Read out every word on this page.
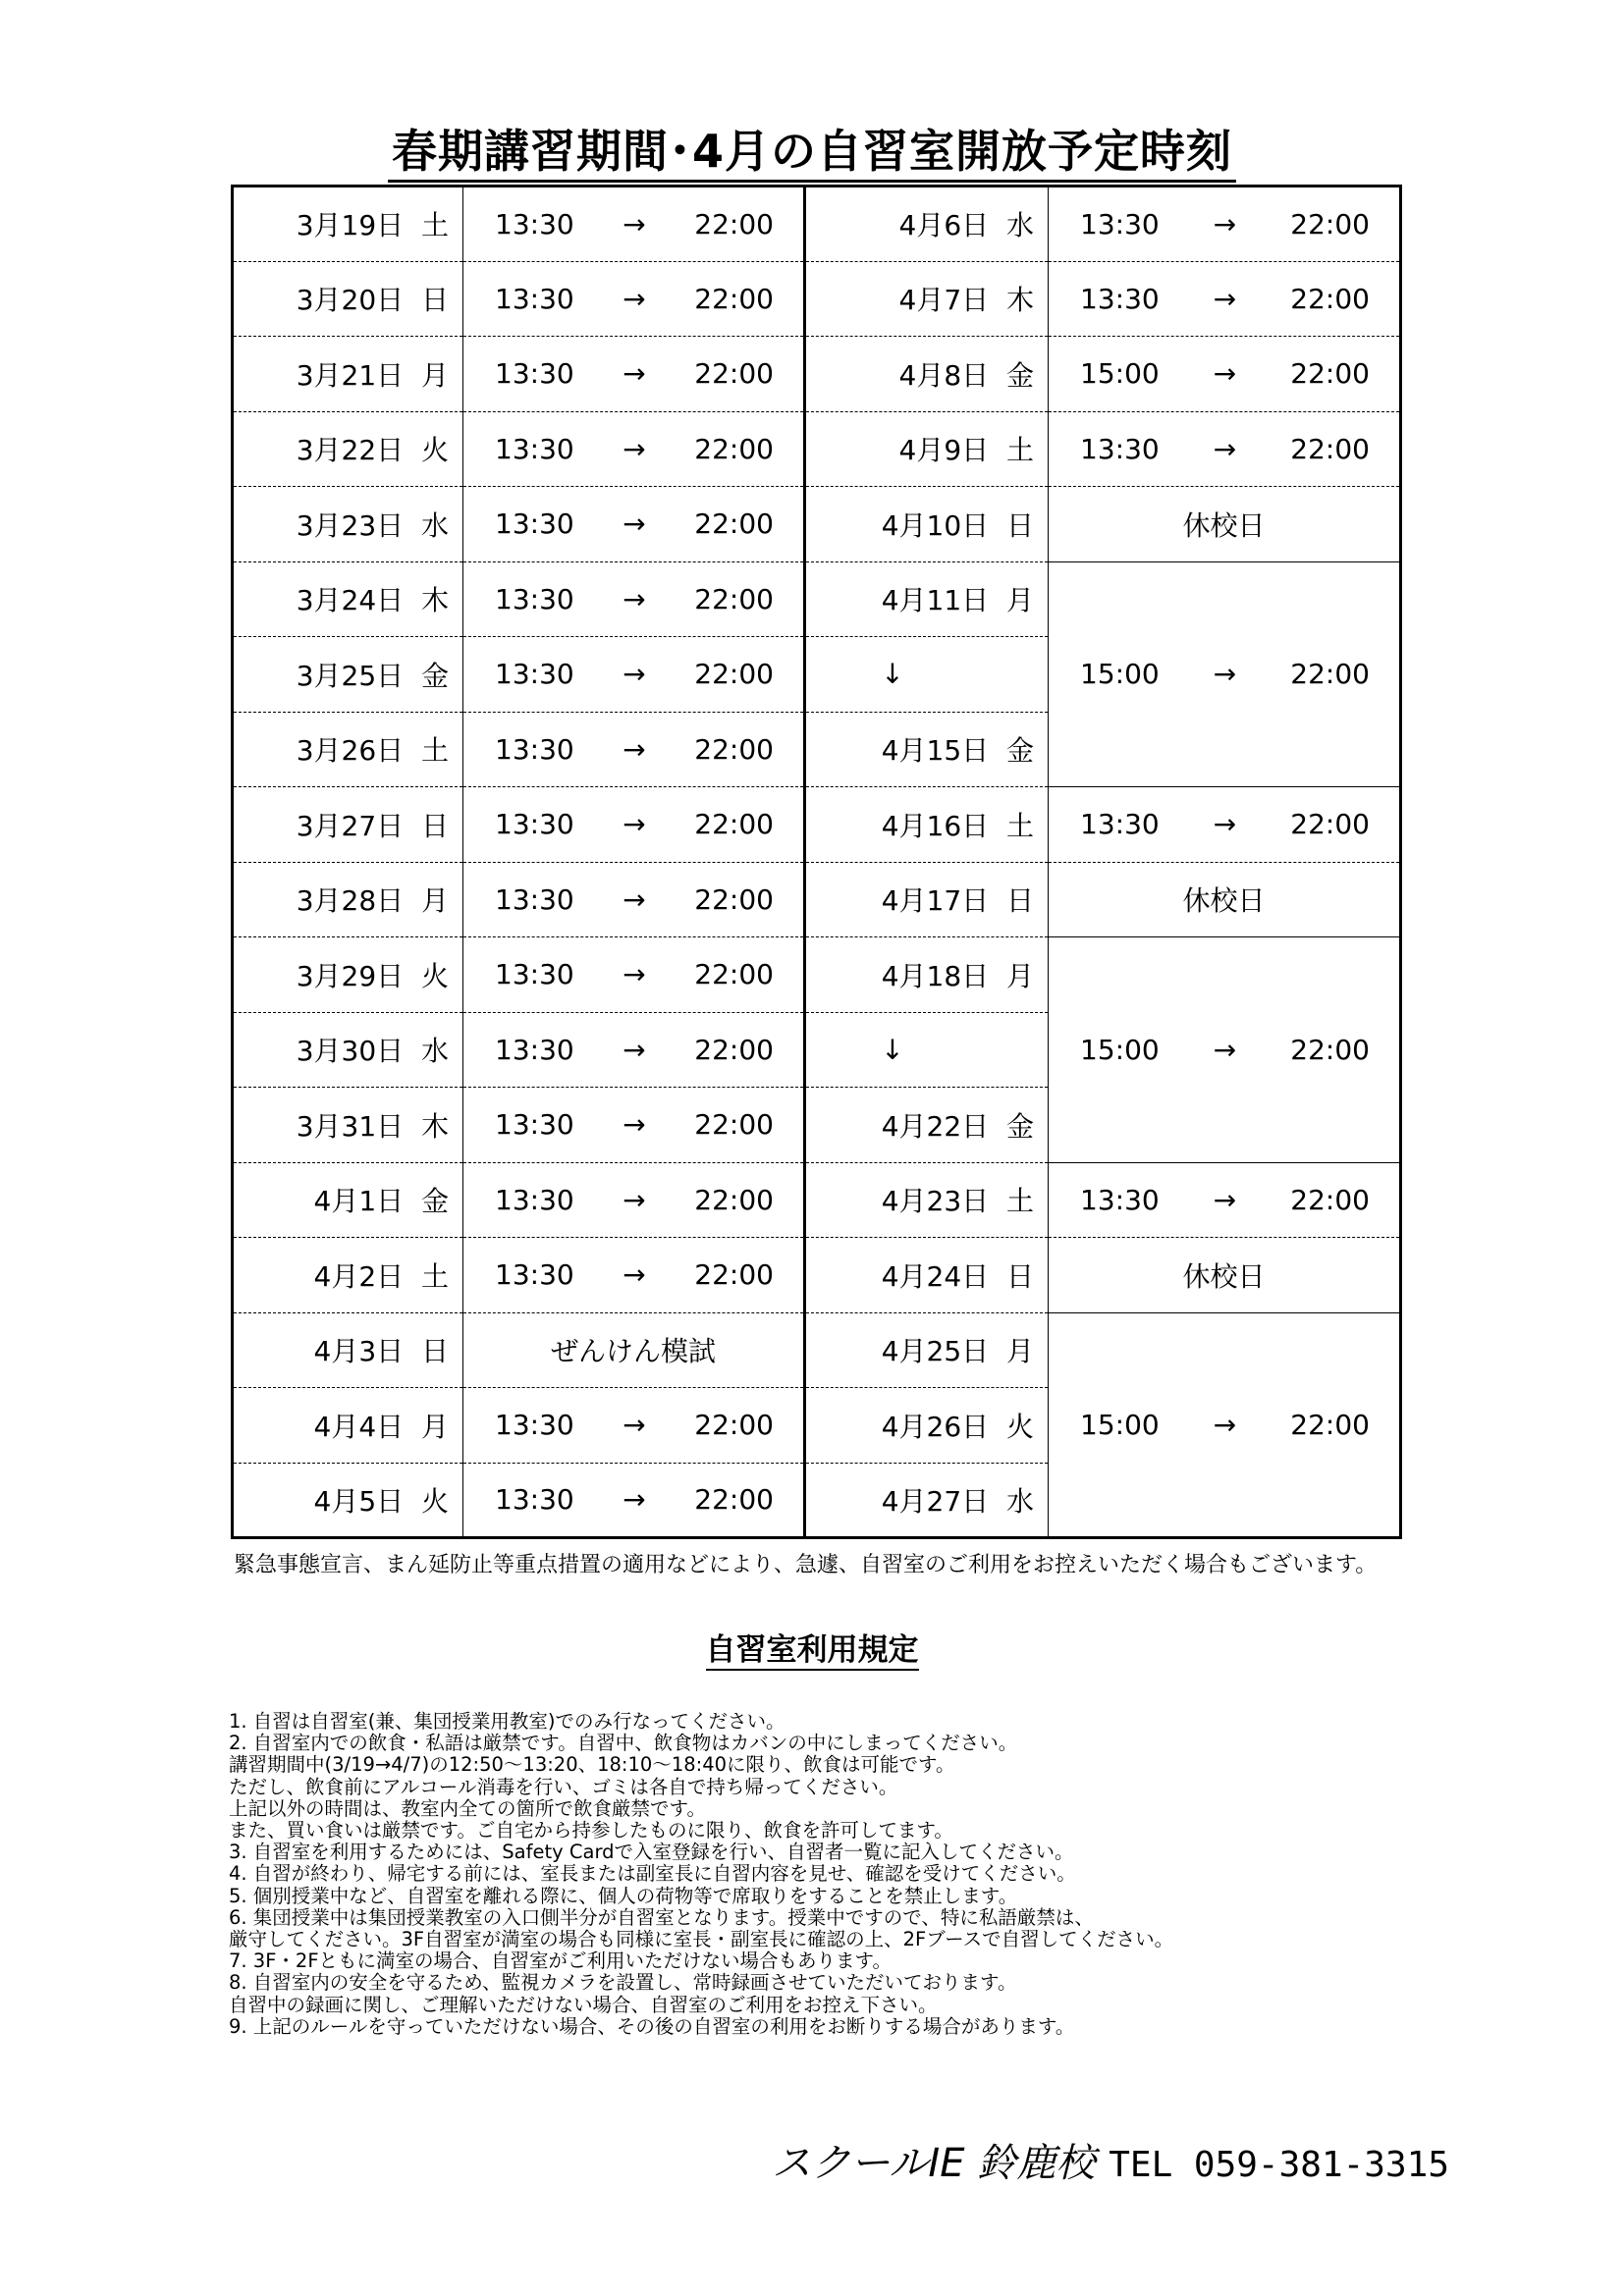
春期講習期間･4月の自習室開放予定時刻
3月19日 土	13:30 → 22:00	4月6日 水	13:30 → 22:00

3月20日 日	13:30 → 22:00	4月7日 木	13:30 → 22:00

3月21日 月	13:30 → 22:00	4月8日 金	15:00 → 22:00

3月22日 火	13:30 → 22:00	4月9日 土	13:30 → 22:00

3月23日 水	13:30 → 22:00	4月10日 日	休校日
3月24日 木	13:30 → 22:00	4月11日 月	15:00 → 22:00

3月25日 金	13:30 → 22:00	↓	
3月26日 土	13:30 → 22:00	4月15日 金	
3月27日 日	13:30 → 22:00	4月16日 土	13:30 → 22:00

3月28日 月	13:30 → 22:00	4月17日 日	休校日
3月29日 火	13:30 → 22:00	4月18日 月	15:00 → 22:00

3月30日 水	13:30 → 22:00	↓	
3月31日 木	13:30 → 22:00	4月22日 金	
4月1日 金	13:30 → 22:00	4月23日 土	13:30 → 22:00

4月2日 土	13:30 → 22:00	4月24日 日	休校日
4月3日 日	ぜんけん模試	4月25日 月	15:00 → 22:00

4月4日 月	13:30 → 22:00	4月26日 火	
4月5日 火	13:30 → 22:00	4月27日 水	
緊急事態宣言、まん延防止等重点措置の適用などにより、急遽、自習室のご利用をお控えいただく場合もございます。
自習室利用規定
1. 自習は自習室(兼、集団授業用教室)でのみ行なってください。
2. 自習室内での飲食・私語は厳禁です。自習中、飲食物はカバンの中にしまってください。
講習期間中(3/19→4/7)の12:50～13:20、18:10～18:40に限り、飲食は可能です。
ただし、飲食前にアルコール消毒を行い、ゴミは各自で持ち帰ってください。
上記以外の時間は、教室内全ての箇所で飲食厳禁です。
また、買い食いは厳禁です。ご自宅から持参したものに限り、飲食を許可してます。
3. 自習室を利用するためには、Safety Cardで入室登録を行い、自習者一覧に記入してください。
4. 自習が終わり、帰宅する前には、室長または副室長に自習内容を見せ、確認を受けてください。
5. 個別授業中など、自習室を離れる際に、個人の荷物等で席取りをすることを禁止します。
6. 集団授業中は集団授業教室の入口側半分が自習室となります。授業中ですので、特に私語厳禁は、
厳守してください。3F自習室が満室の場合も同様に室長・副室長に確認の上、2Fブースで自習してください。
7. 3F・2Fともに満室の場合、自習室がご利用いただけない場合もあります。
8. 自習室内の安全を守るため、監視カメラを設置し、常時録画させていただいております。
自習中の録画に関し、ご理解いただけない場合、自習室のご利用をお控え下さい。
9. 上記のルールを守っていただけない場合、その後の自習室の利用をお断りする場合があります。
スクールIE 鈴鹿校 TEL 059-381-3315
